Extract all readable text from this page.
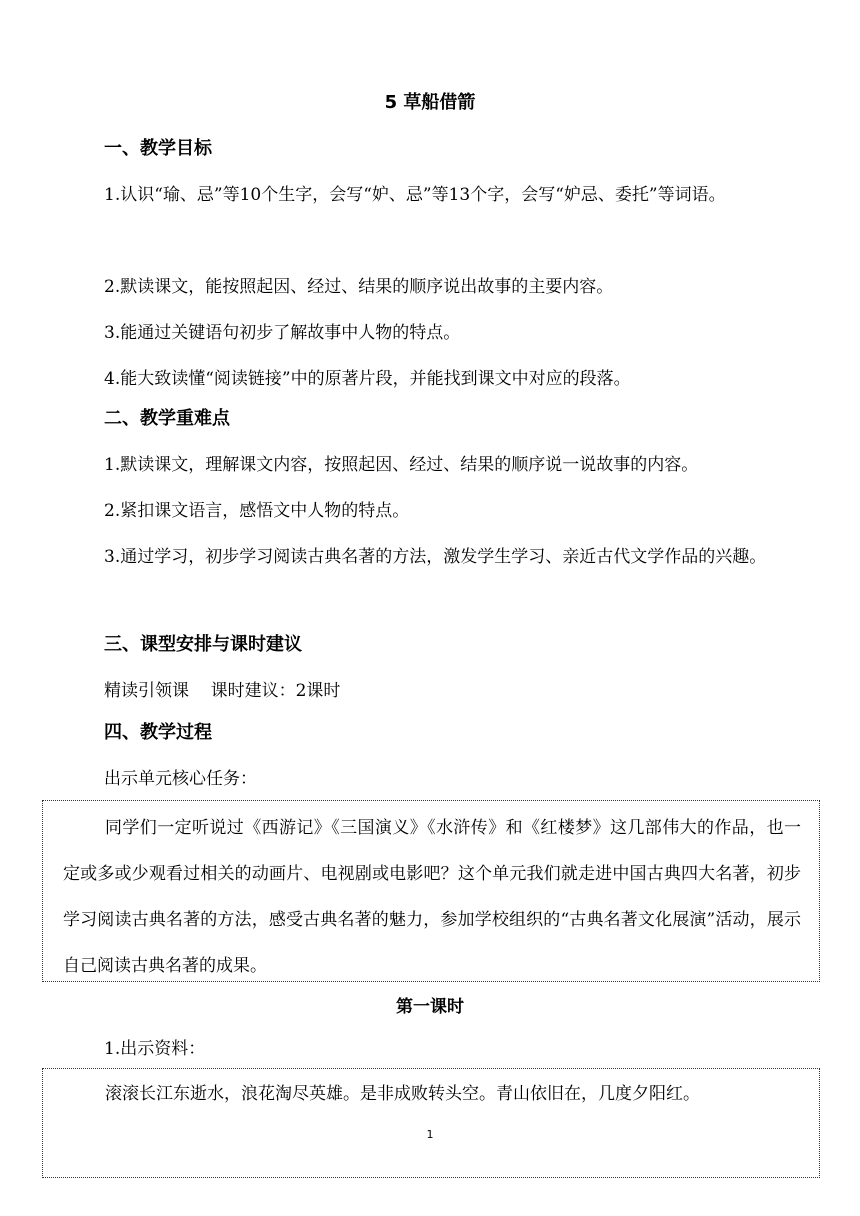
5 草船借箭
一、教学目标
1.认识“瑜、忌”等10个生字，会写“妒、忌”等13个字，会写“妒忌、委托”等词语。
2.默读课文，能按照起因、经过、结果的顺序说出故事的主要内容。
3.能通过关键语句初步了解故事中人物的特点。
4.能大致读懂“阅读链接”中的原著片段，并能找到课文中对应的段落。
二、教学重难点
1.默读课文，理解课文内容，按照起因、经过、结果的顺序说一说故事的内容。
2.紧扣课文语言，感悟文中人物的特点。
3.通过学习，初步学习阅读古典名著的方法，激发学生学习、亲近古代文学作品的兴趣。
三、课型安排与课时建议
精读引领课    课时建议：2课时
四、教学过程
出示单元核心任务：
同学们一定听说过《西游记》《三国演义》《水浒传》和《红楼梦》这几部伟大的作品，也一定或多或少观看过相关的动画片、电视剧或电影吧？这个单元我们就走进中国古典四大名著，初步学习阅读古典名著的方法，感受古典名著的魅力，参加学校组织的“古典名著文化展演”活动，展示自己阅读古典名著的成果。
第一课时
1.出示资料：
滚滚长江东逝水，浪花淘尽英雄。是非成败转头空。青山依旧在，几度夕阳红。
1
